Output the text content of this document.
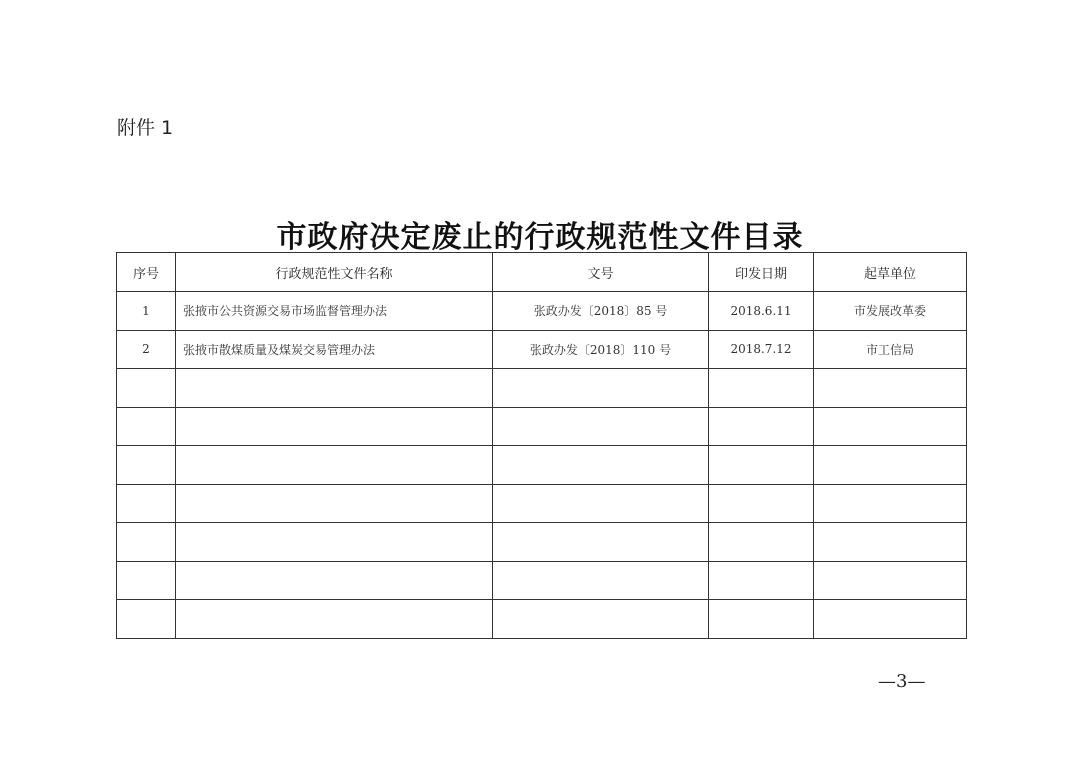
附件 1
市政府决定废止的行政规范性文件目录
序号	行政规范性文件名称	文号	印发日期	起草单位
1	张掖市公共资源交易市场监督管理办法	张政办发〔2018〕85 号	2018.6.11	市发展改革委
2	张掖市散煤质量及煤炭交易管理办法	张政办发〔2018〕110 号	2018.7.12	市工信局

—3—
